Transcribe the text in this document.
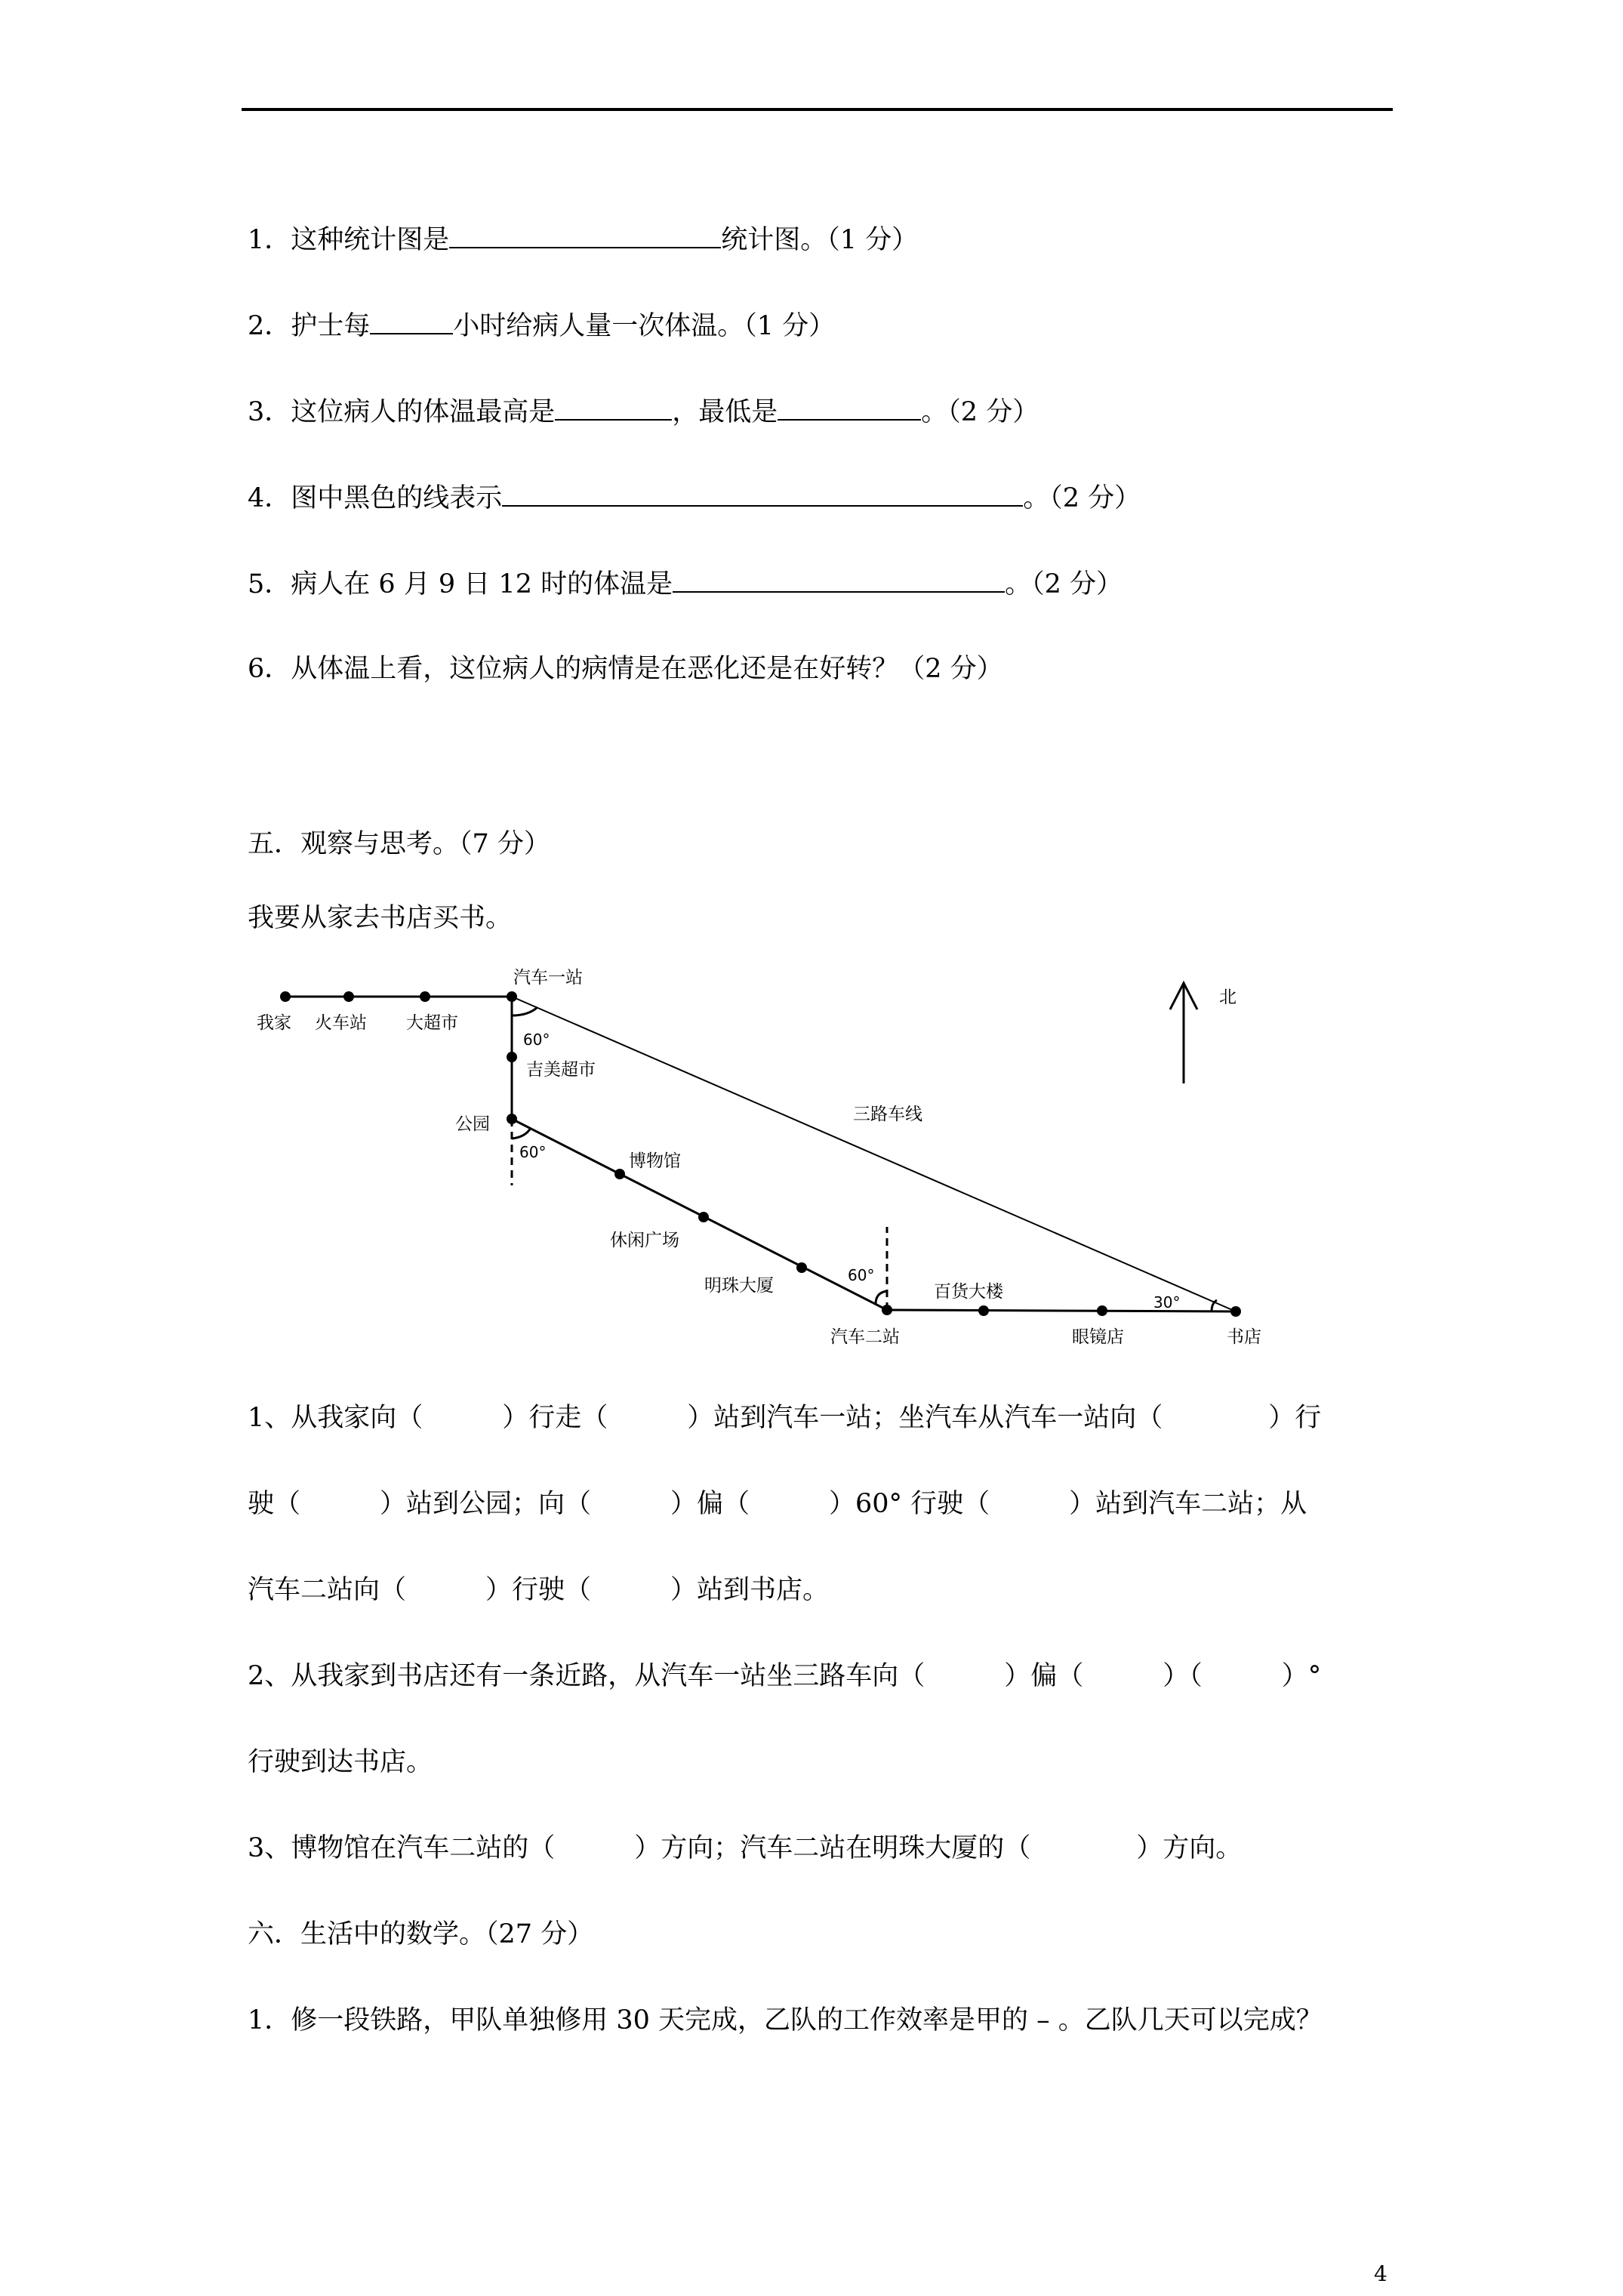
1．这种统计图是	统计图。（1 分）
2．护士每	小时给病人量一次体温。（1 分）
3．这位病人的体温最高是	，最低是	。（2 分）
4．图中黑色的线表示	。（2 分）
5．病人在 6 月 9 日 12 时的体温是	。（2 分）
6．从体温上看，这位病人的病情是在恶化还是在好转？（2 分）
五．观察与思考。（7 分）
我要从家去书店买书。
我家 火车站 大超市
汽车一站
吉美超市
公园
博物馆
休闲广场
明珠大厦
汽车二站
百货大楼
眼镜店	书店
三路车线
北
60°
60°
60°
30°
1、从我家向（　　　）行走（　　　）站到汽车一站；坐汽车从汽车一站向（　　　　）行
驶（　　　）站到公园；向（　　　）偏（　　　）60° 行驶（　　　）站到汽车二站；从
汽车二站向（　　　）行驶（　　　）站到书店。
2、从我家到书店还有一条近路，从汽车一站坐三路车向（　　　）偏（　　　）（　　　）°
行驶到达书店。
3、博物馆在汽车二站的（　　　）方向；汽车二站在明珠大厦的（　　　　）方向。
六．生活中的数学。（27 分）
1．修一段铁路，甲队单独修用 30 天完成，乙队的工作效率是甲的 – 。乙队几天可以完成？
4
